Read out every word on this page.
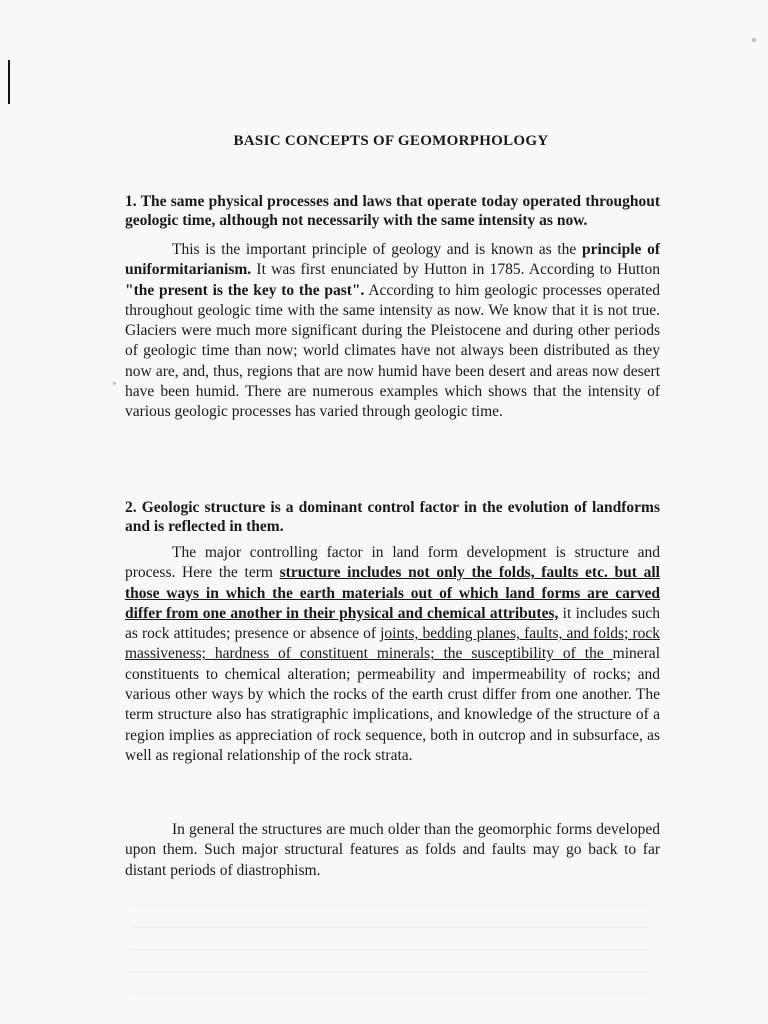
BASIC CONCEPTS OF GEOMORPHOLOGY
1. The same physical processes and laws that operate today operated throughout geologic time, although not necessarily with the same intensity as now.

This is the important principle of geology and is known as the principle of uniformitarianism. It was first enunciated by Hutton in 1785. According to Hutton "the present is the key to the past". According to him geologic processes operated throughout geologic time with the same intensity as now. We know that it is not true. Glaciers were much more significant during the Pleistocene and during other periods of geologic time than now; world climates have not always been distributed as they now are, and, thus, regions that are now humid have been desert and areas now desert have been humid. There are numerous examples which shows that the intensity of various geologic processes has varied through geologic time.

2. Geologic structure is a dominant control factor in the evolution of landforms and is reflected in them.

The major controlling factor in land form development is structure and process. Here the term structure includes not only the folds, faults etc. but all those ways in which the earth materials out of which land forms are carved differ from one another in their physical and chemical attributes, it includes such as rock attitudes; presence or absence of joints, bedding planes, faults, and folds; rock massiveness; hardness of constituent minerals; the susceptibility of the mineral constituents to chemical alteration; permeability and impermeability of rocks; and various other ways by which the rocks of the earth crust differ from one another. The term structure also has stratigraphic implications, and knowledge of the structure of a region implies as appreciation of rock sequence, both in outcrop and in subsurface, as well as regional relationship of the rock strata.

In general the structures are much older than the geomorphic forms developed upon them. Such major structural features as folds and faults may go back to far distant periods of diastrophism.
